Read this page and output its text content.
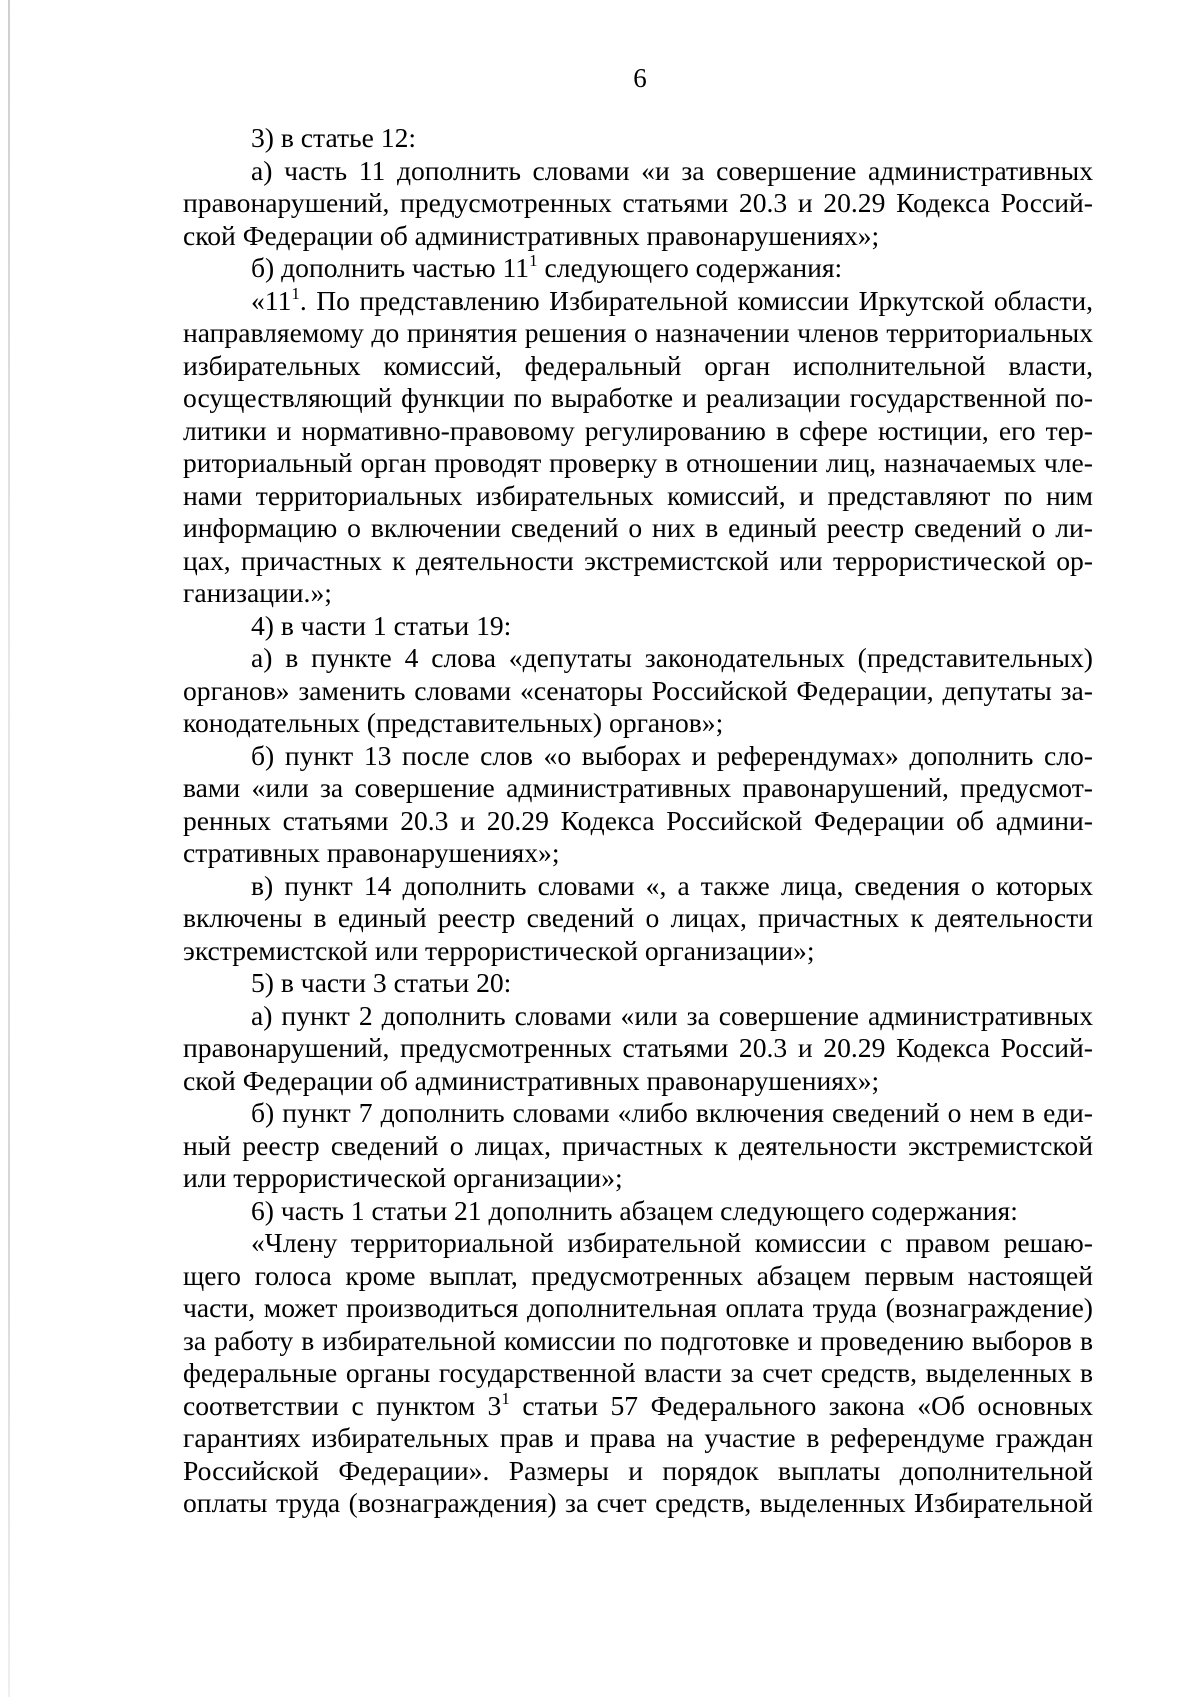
6

3) в статье 12:

а) часть 11 дополнить словами «и за совершение административных правонарушений, предусмотренных статьями 20.3 и 20.29 Кодекса Российской Федерации об административных правонарушениях»;

б) дополнить частью $11^1$ следующего содержания:

«$11^1$. По представлению Избирательной комиссии Иркутской области, направляемому до принятия решения о назначении членов территориальных избирательных комиссий, федеральный орган исполнительной власти, осуществляющий функции по выработке и реализации государственной политики и нормативно-правовому регулированию в сфере юстиции, его территориальный орган проводят проверку в отношении лиц, назначаемых членами территориальных избирательных комиссий, и представляют по ним информацию о включении сведений о них в единый реестр сведений о лицах, причастных к деятельности экстремистской или террористической организации.»;

4) в части 1 статьи 19:

а) в пункте 4 слова «депутаты законодательных (представительных) органов» заменить словами «сенаторы Российской Федерации, депутаты законодательных (представительных) органов»;

б) пункт 13 после слов «о выборах и референдумах» дополнить словами «или за совершение административных правонарушений, предусмотренных статьями 20.3 и 20.29 Кодекса Российской Федерации об административных правонарушениях»;

в) пункт 14 дополнить словами «, а также лица, сведения о которых включены в единый реестр сведений о лицах, причастных к деятельности экстремистской или террористической организации»;

5) в части 3 статьи 20:

а) пункт 2 дополнить словами «или за совершение административных правонарушений, предусмотренных статьями 20.3 и 20.29 Кодекса Российской Федерации об административных правонарушениях»;

б) пункт 7 дополнить словами «либо включения сведений о нем в единый реестр сведений о лицах, причастных к деятельности экстремистской или террористической организации»;

6) часть 1 статьи 21 дополнить абзацем следующего содержания:

«Члену территориальной избирательной комиссии с правом решающего голоса кроме выплат, предусмотренных абзацем первым настоящей части, может производиться дополнительная оплата труда (вознаграждение) за работу в избирательной комиссии по подготовке и проведению выборов в федеральные органы государственной власти за счет средств, выделенных в соответствии с пунктом $3^1$ статьи 57 Федерального закона «Об основных гарантиях избирательных прав и права на участие в референдуме граждан Российской Федерации». Размеры и порядок выплаты дополнительной оплаты труда (вознаграждения) за счет средств, выделенных Избирательной
